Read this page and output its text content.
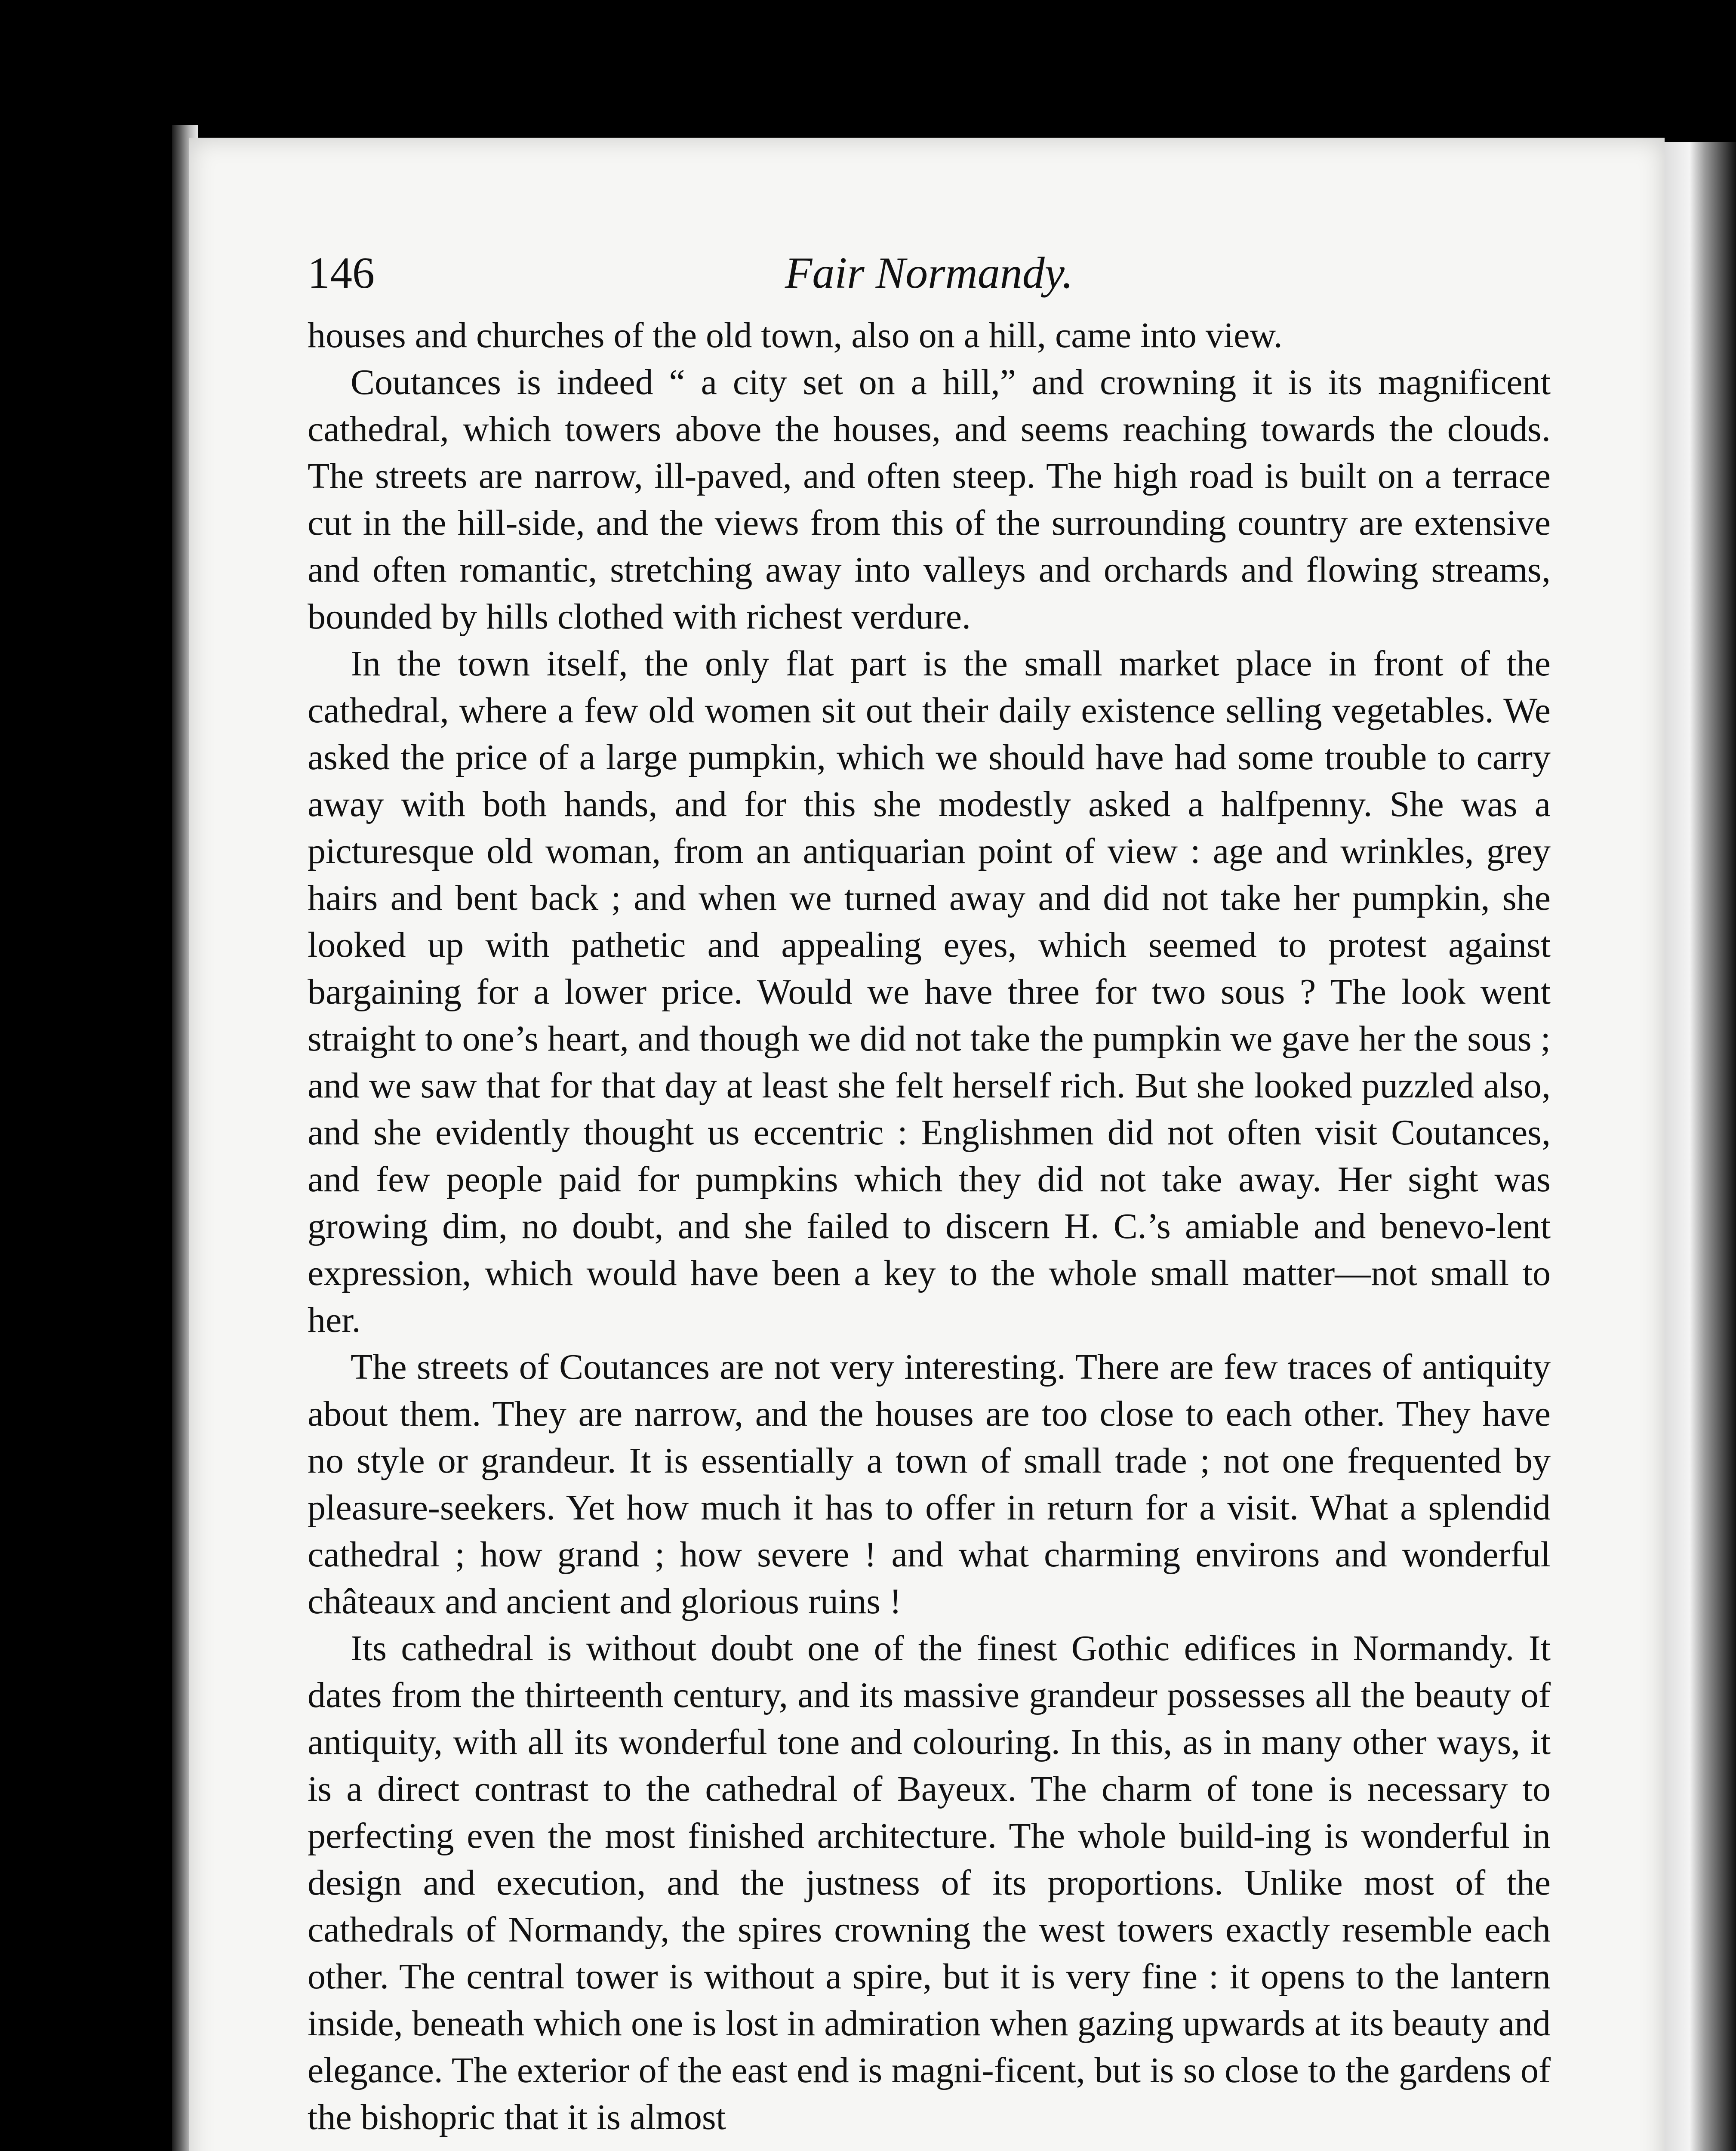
146	Fair Normandy.

houses and churches of the old town, also on a hill, came into view.

Coutances is indeed “ a city set on a hill,” and crowning it is its magnificent cathedral, which towers above the houses, and seems reaching towards the clouds. The streets are narrow, ill-paved, and often steep. The high road is built on a terrace cut in the hill-side, and the views from this of the surrounding country are extensive and often romantic, stretching away into valleys and orchards and flowing streams, bounded by hills clothed with richest verdure.

In the town itself, the only flat part is the small market place in front of the cathedral, where a few old women sit out their daily existence selling vegetables. We asked the price of a large pumpkin, which we should have had some trouble to carry away with both hands, and for this she modestly asked a halfpenny. She was a picturesque old woman, from an antiquarian point of view : age and wrinkles, grey hairs and bent back ; and when we turned away and did not take her pumpkin, she looked up with pathetic and appealing eyes, which seemed to protest against bargaining for a lower price. Would we have three for two sous ? The look went straight to one’s heart, and though we did not take the pumpkin we gave her the sous ; and we saw that for that day at least she felt herself rich. But she looked puzzled also, and she evidently thought us eccentric : Englishmen did not often visit Coutances, and few people paid for pumpkins which they did not take away. Her sight was growing dim, no doubt, and she failed to discern H. C.’s amiable and benevo-lent expression, which would have been a key to the whole small matter—not small to her.

The streets of Coutances are not very interesting. There are few traces of antiquity about them. They are narrow, and the houses are too close to each other. They have no style or grandeur. It is essentially a town of small trade ; not one frequented by pleasure-seekers. Yet how much it has to offer in return for a visit. What a splendid cathedral ; how grand ; how severe ! and what charming environs and wonderful châteaux and ancient and glorious ruins !

Its cathedral is without doubt one of the finest Gothic edifices in Normandy. It dates from the thirteenth century, and its massive grandeur possesses all the beauty of antiquity, with all its wonderful tone and colouring. In this, as in many other ways, it is a direct contrast to the cathedral of Bayeux. The charm of tone is necessary to perfecting even the most finished architecture. The whole build-ing is wonderful in design and execution, and the justness of its proportions. Unlike most of the cathedrals of Normandy, the spires crowning the west towers exactly resemble each other. The central tower is without a spire, but it is very fine : it opens to the lantern inside, beneath which one is lost in admiration when gazing upwards at its beauty and elegance. The exterior of the east end is magni-ficent, but is so close to the gardens of the bishopric that it is almost
